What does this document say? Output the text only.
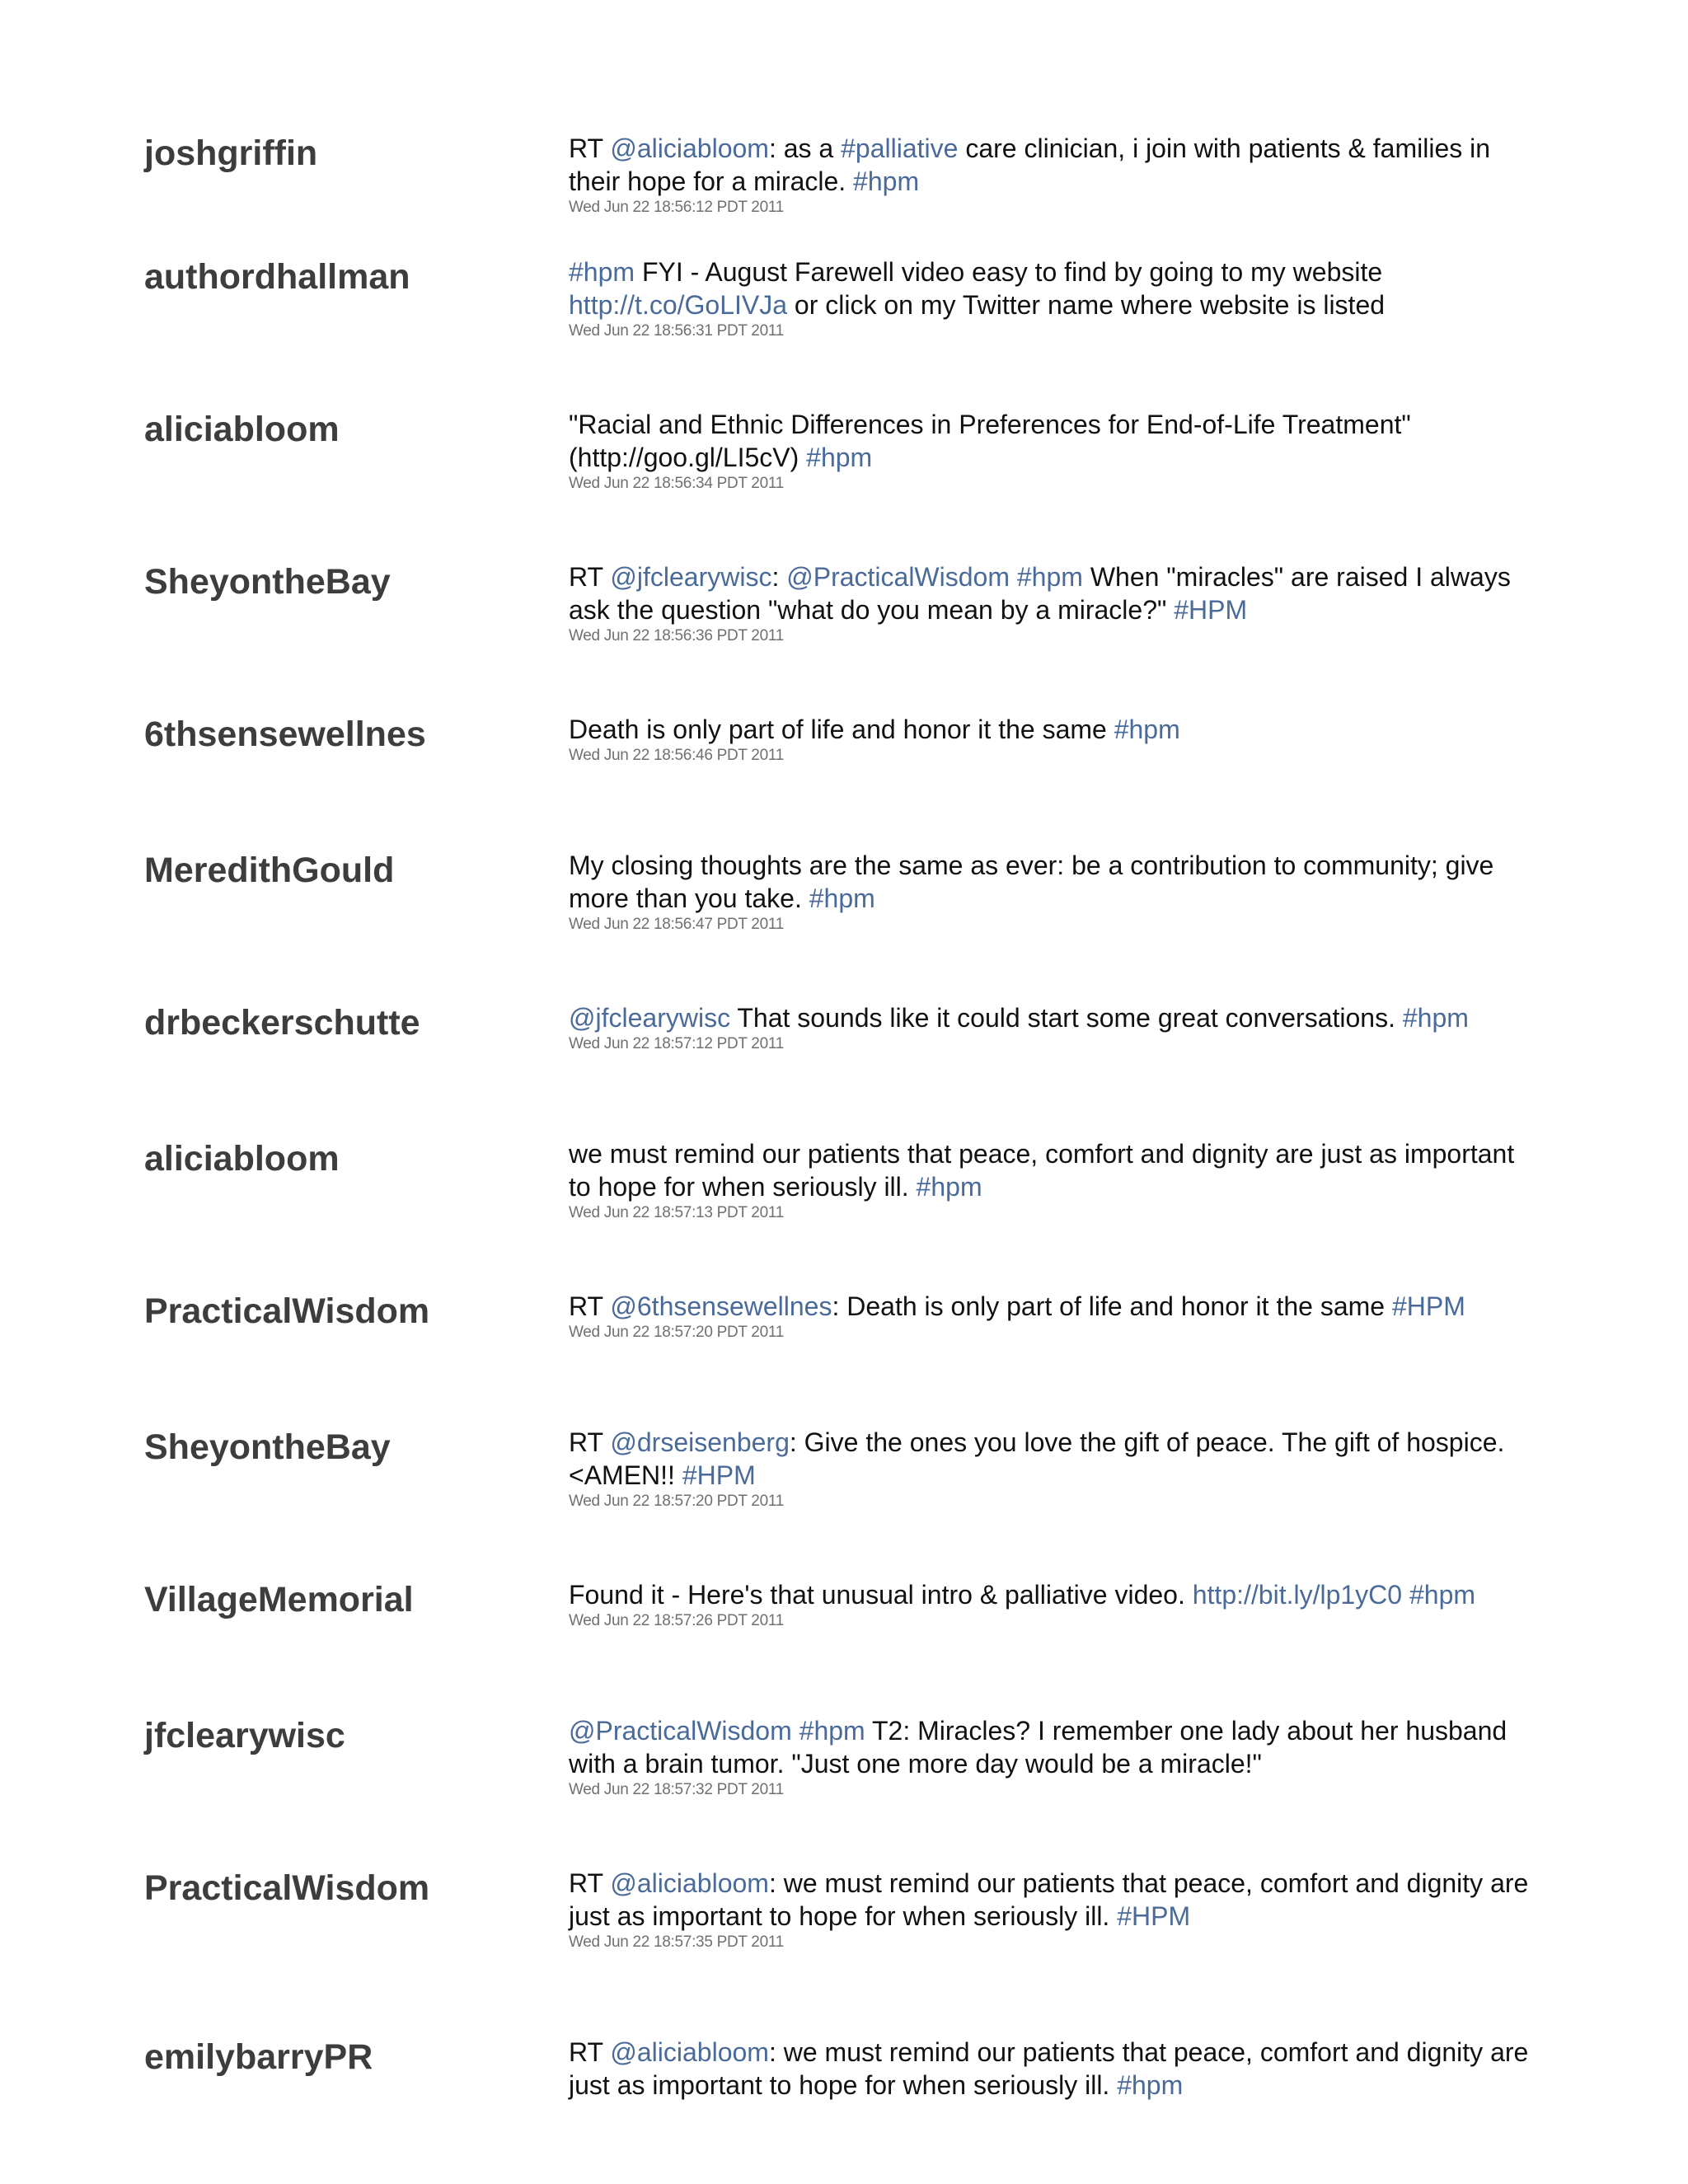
joshgriffin	RT @aliciabloom: as a #palliative care clinician, i join with patients & families in
their hope for a miracle. #hpm
Wed Jun 22 18:56:12 PDT 2011
authordhallman	#hpm FYI - August Farewell video easy to find by going to my website
http://t.co/GoLIVJa or click on my Twitter name where website is listed
Wed Jun 22 18:56:31 PDT 2011
aliciabloom	"Racial and Ethnic Differences in Preferences for End-of-Life Treatment"
(http://goo.gl/LI5cV) #hpm
Wed Jun 22 18:56:34 PDT 2011
SheyontheBay	RT @jfclearywisc: @PracticalWisdom #hpm When "miracles" are raised I always
ask the question "what do you mean by a miracle?" #HPM
Wed Jun 22 18:56:36 PDT 2011
6thsensewellnes	Death is only part of life and honor it the same #hpm
Wed Jun 22 18:56:46 PDT 2011
MeredithGould	My closing thoughts are the same as ever: be a contribution to community; give
more than you take. #hpm
Wed Jun 22 18:56:47 PDT 2011
drbeckerschutte	@jfclearywisc That sounds like it could start some great conversations. #hpm
Wed Jun 22 18:57:12 PDT 2011
aliciabloom	we must remind our patients that peace, comfort and dignity are just as important
to hope for when seriously ill. #hpm
Wed Jun 22 18:57:13 PDT 2011
PracticalWisdom	RT @6thsensewellnes: Death is only part of life and honor it the same #HPM
Wed Jun 22 18:57:20 PDT 2011
SheyontheBay	RT @drseisenberg: Give the ones you love the gift of peace. The gift of hospice.
<AMEN!! #HPM
Wed Jun 22 18:57:20 PDT 2011
VillageMemorial	Found it - Here's that unusual intro & palliative video. http://bit.ly/lp1yC0 #hpm
Wed Jun 22 18:57:26 PDT 2011
jfclearywisc	@PracticalWisdom #hpm T2: Miracles? I remember one lady about her husband
with a brain tumor. "Just one more day would be a miracle!"
Wed Jun 22 18:57:32 PDT 2011
PracticalWisdom	RT @aliciabloom: we must remind our patients that peace, comfort and dignity are
just as important to hope for when seriously ill. #HPM
Wed Jun 22 18:57:35 PDT 2011
emilybarryPR	RT @aliciabloom: we must remind our patients that peace, comfort and dignity are
just as important to hope for when seriously ill. #hpm
